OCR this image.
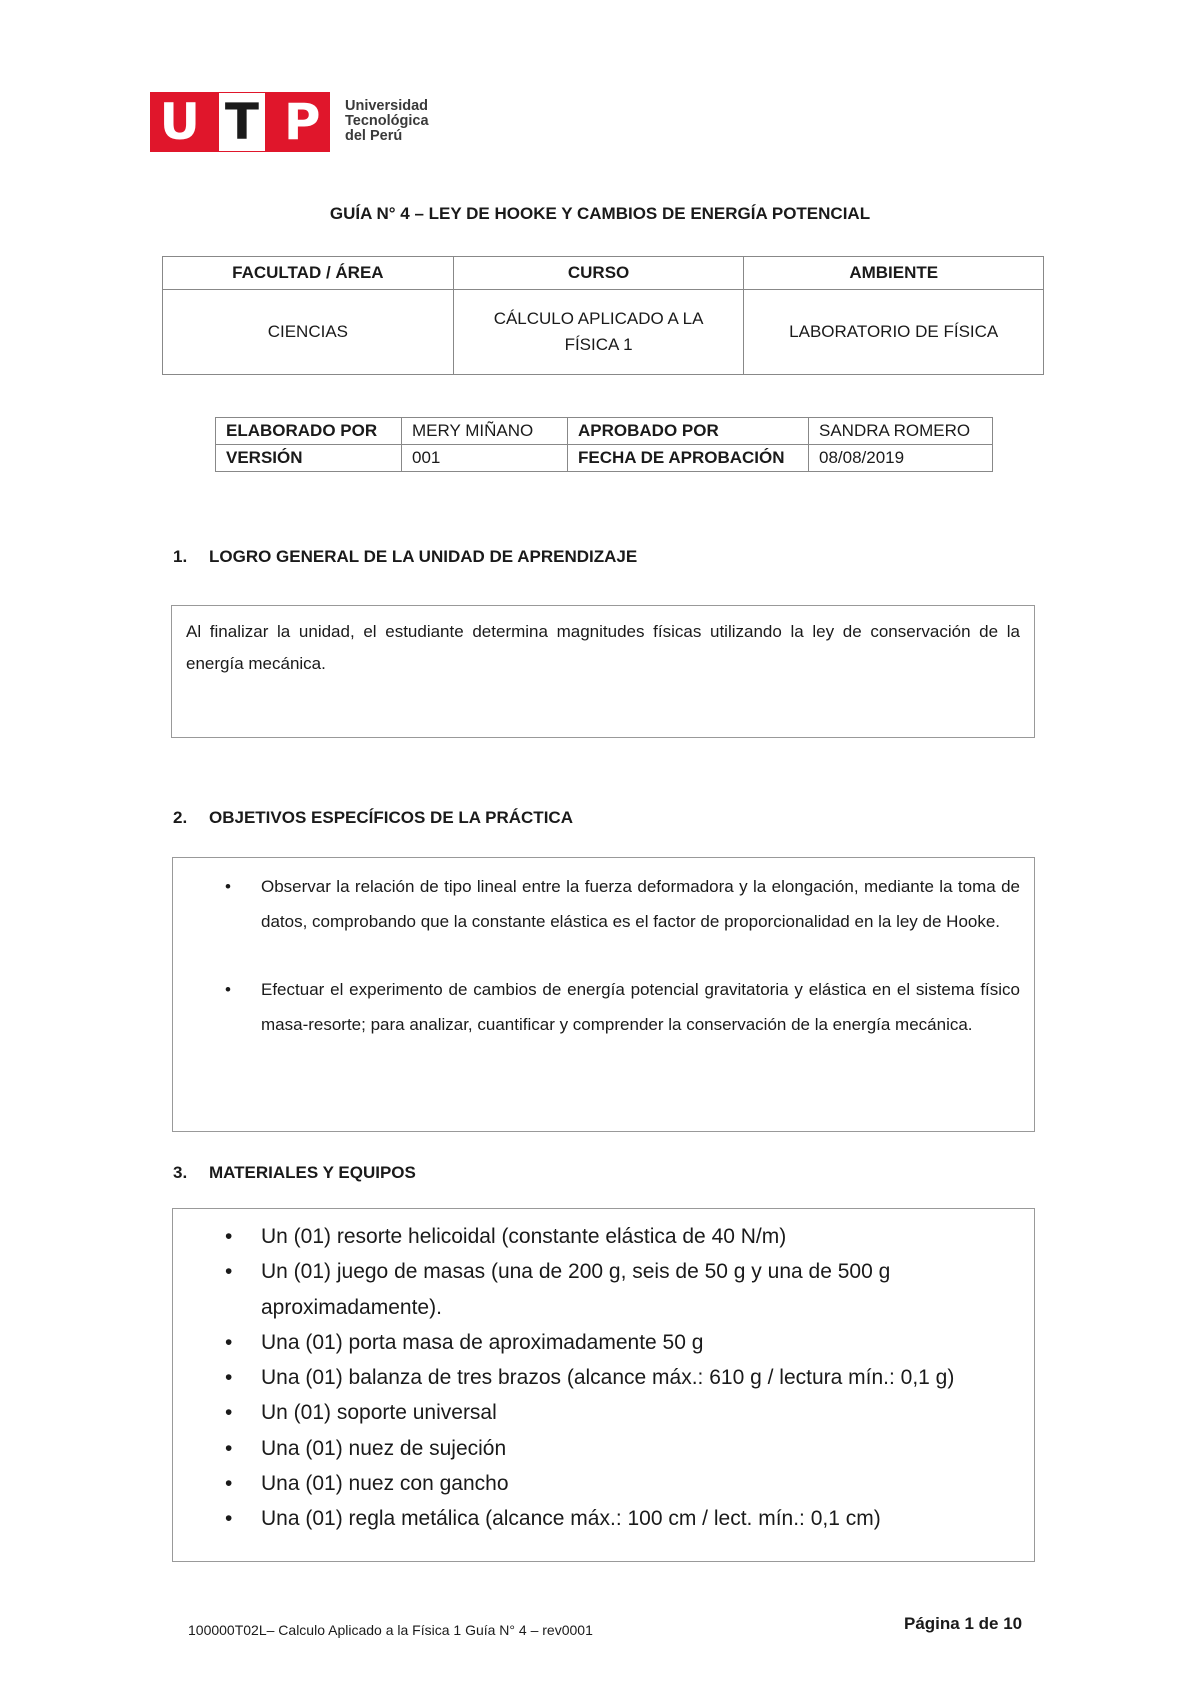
U T P Universidad
Tecnológica
del Perú
GUÍA N° 4 – LEY DE HOOKE Y CAMBIOS DE ENERGÍA POTENCIAL
FACULTAD / ÁREA	CURSO	AMBIENTE
CIENCIAS	CÁLCULO APLICADO A LA FÍSICA 1	LABORATORIO DE FÍSICA
ELABORADO POR	MERY MIÑANO	APROBADO POR	SANDRA ROMERO
VERSIÓN	001	FECHA DE APROBACIÓN	08/08/2019
1. LOGRO GENERAL DE LA UNIDAD DE APRENDIZAJE

Al finalizar la unidad, el estudiante determina magnitudes físicas utilizando la ley de conservación de la energía mecánica.

2. OBJETIVOS ESPECÍFICOS DE LA PRÁCTICA
• Observar la relación de tipo lineal entre la fuerza deformadora y la elongación, mediante la toma de datos, comprobando que la constante elástica es el factor de proporcionalidad en la ley de Hooke.
• Efectuar el experimento de cambios de energía potencial gravitatoria y elástica en el sistema físico masa-resorte; para analizar, cuantificar y comprender la conservación de la energía mecánica.
3. MATERIALES Y EQUIPOS
• Un (01) resorte helicoidal (constante elástica de 40 N/m)
• Un (01) juego de masas (una de 200 g, seis de 50 g y una de 500 g aproximadamente).
• Una (01) porta masa de aproximadamente 50 g
• Una (01) balanza de tres brazos (alcance máx.: 610 g / lectura mín.: 0,1 g)
• Un (01) soporte universal
• Una (01) nuez de sujeción
• Una (01) nuez con gancho
• Una (01) regla metálica (alcance máx.: 100 cm / lect. mín.: 0,1 cm)
100000T02L– Calculo Aplicado a la Física 1 Guía N° 4 – rev0001	Página 1 de 10
